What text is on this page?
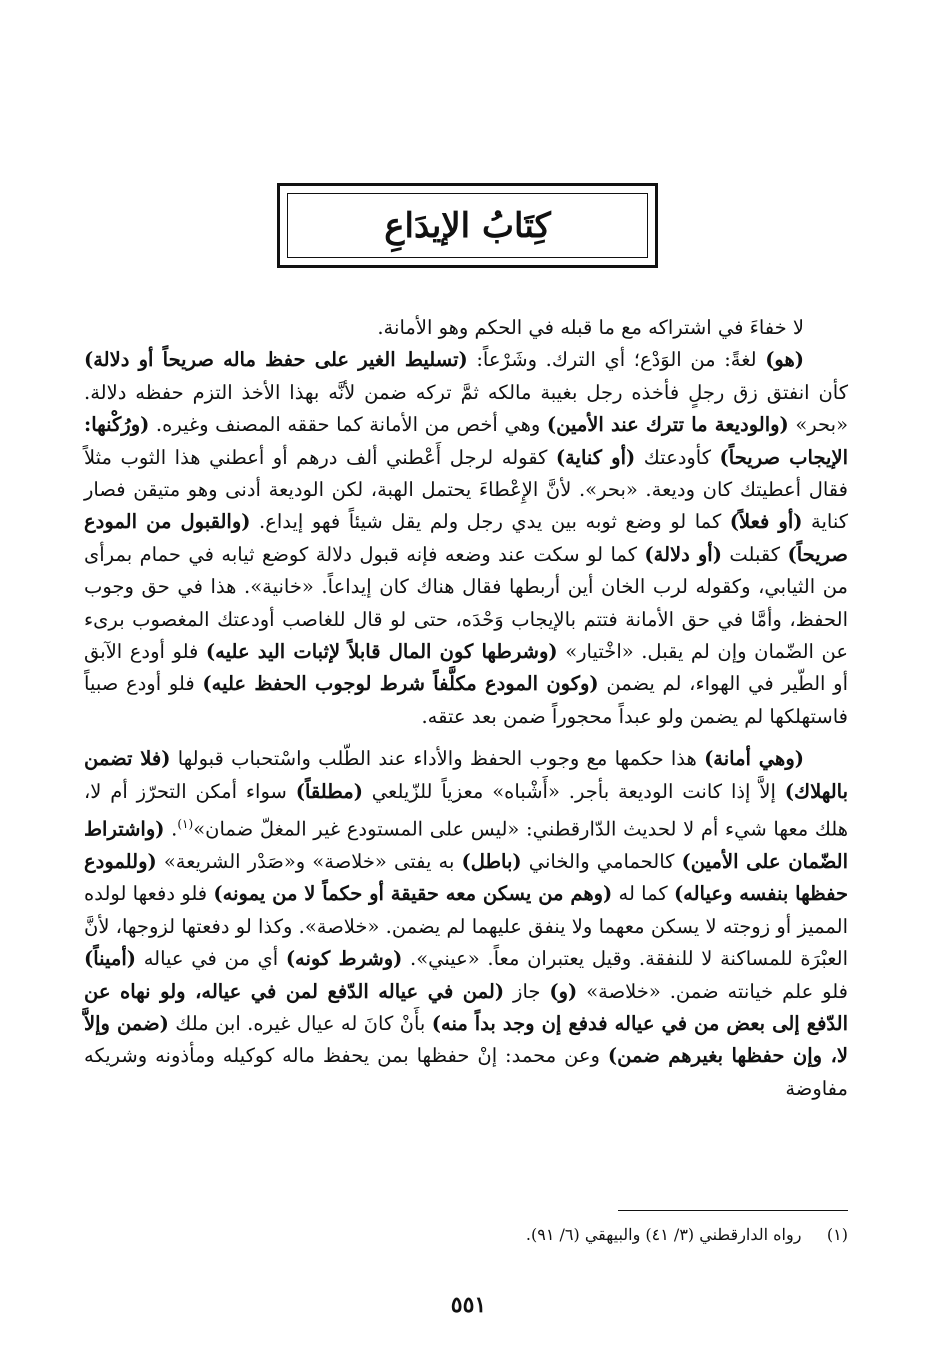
كِتَابُ الإيدَاعِ

لا خفاءَ في اشتراكه مع ما قبله في الحكم وهو الأمانة.

(هو) لغةً: من الوَدْع؛ أي الترك. وشَرْعاً: (تسليط الغير على حفظ ماله صريحاً أو دلالة) كأن انفتق زق رجلٍ فأخذه رجل بغيبة مالكه ثمَّ تركه ضمن لأنَّه بهذا الأخذ التزم حفظه دلالة. «بحر» (والوديعة ما تترك عند الأمين) وهي أخص من الأمانة كما حققه المصنف وغيره. (ورُكْنها: الإيجاب صريحاً) كأودعتك (أو كناية) كقوله لرجل أَعْطني ألف درهم أو أعطني هذا الثوب مثلاً فقال أعطيتك كان وديعة. «بحر». لأنَّ الإِعْطاءَ يحتمل الهبة، لكن الوديعة أدنى وهو متيقن فصار كناية (أو فعلاً) كما لو وضع ثوبه بين يدي رجل ولم يقل شيئاً فهو إيداع. (والقبول من المودع صريحاً) كقبلت (أو دلالة) كما لو سكت عند وضعه فإنه قبول دلالة كوضع ثيابه في حمام بمرأى من الثيابي، وكقوله لرب الخان أين أربطها فقال هناك كان إيداعاً. «خانية». هذا في حق وجوب الحفظ، وأمَّا في حق الأمانة فتتم بالإيجاب وَحْدَه، حتى لو قال للغاصب أودعتك المغصوب برىء عن الضّمان وإن لم يقبل. «اخْتيار» (وشرطها كون المال قابلاً لإثبات اليد عليه) فلو أودع الآبق أو الطّير في الهواء، لم يضمن (وكون المودع مكلَّفاً شرط لوجوب الحفظ عليه) فلو أودع صبياً فاستهلكها لم يضمن ولو عبداً محجوراً ضمن بعد عتقه.

(وهي أمانة) هذا حكمها مع وجوب الحفظ والأداء عند الطّلب واسْتحباب قبولها (فلا تضمن بالهلاك) إلاَّ إذا كانت الوديعة بأجر. «أَشْباه» معزياً للزّيلعي (مطلقاً) سواء أمكن التحرّز أم لا، هلك معها شيء أم لا لحديث الدّارقطني: «ليس على المستودع غير المغلّ ضمان»$^{(١)}$. (واشتراط الضّمان على الأمين) كالحمامي والخاني (باطل) به يفتى «خلاصة» و«صَدْر الشريعة» (وللمودع حفظها بنفسه وعياله) كما له (وهم من يسكن معه حقيقة أو حكماً لا من يمونه) فلو دفعها لولده المميز أو زوجته لا يسكن معهما ولا ينفق عليهما لم يضمن. «خلاصة». وكذا لو دفعتها لزوجها، لأنَّ العبْرَة للمساكنة لا للنفقة. وقيل يعتبران معاً. «عيني». (وشرط كونه) أي من في عياله (أميناً) فلو علم خيانته ضمن. «خلاصة» (و) جاز (لمن في عياله الدّفع لمن في عياله، ولو نهاه عن الدّفع إلى بعض من في عياله فدفع إن وجد بداً منه) بأَنْ كانَ له عيال غيره. ابن ملك (ضمن وإلاَّ لا، وإن حفظها بغيرهم ضمن) وعن محمد: إنْ حفظها بمن يحفظ ماله كوكيله ومأذونه وشريكه مفاوضة

(١)     رواه الدارقطني (٣/ ٤١) والبيهقي (٦/ ٩١).
٥٥١
